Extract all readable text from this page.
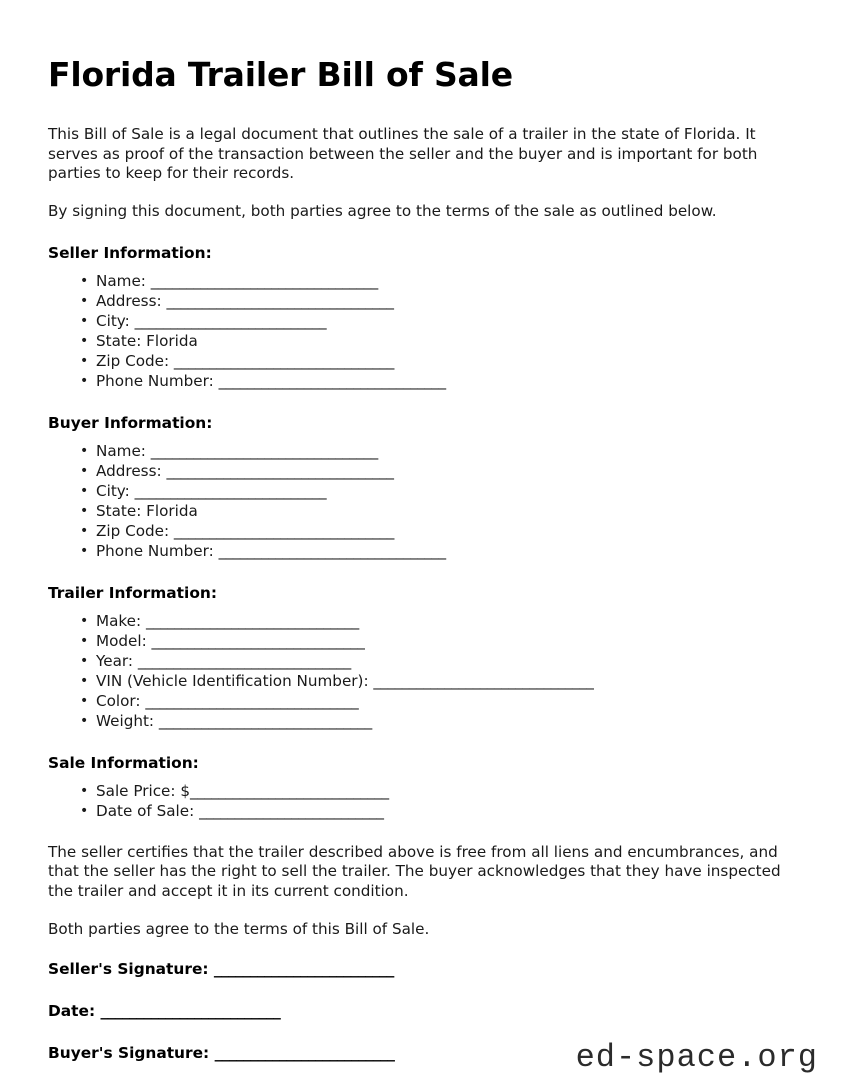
Florida Trailer Bill of Sale

This Bill of Sale is a legal document that outlines the sale of a trailer in the state of Florida. It serves as proof of the transaction between the seller and the buyer and is important for both parties to keep for their records.

By signing this document, both parties agree to the terms of the sale as outlined below.

Seller Information:
• Name: ________________________________
• Address: ________________________________
• City: ___________________________
• State: Florida
• Zip Code: _______________________________
• Phone Number: ________________________________
Buyer Information:
• Name: ________________________________
• Address: ________________________________
• City: ___________________________
• State: Florida
• Zip Code: _______________________________
• Phone Number: ________________________________
Trailer Information:
• Make: ______________________________
• Model: ______________________________
• Year: ______________________________
• VIN (Vehicle Identification Number): _______________________________
• Color: ______________________________
• Weight: ______________________________
Sale Information:
• Sale Price: $____________________________
• Date of Sale: __________________________

The seller certifies that the trailer described above is free from all liens and encumbrances, and that the seller has the right to sell the trailer. The buyer acknowledges that they have inspected the trailer and accept it in its current condition.

Both parties agree to the terms of this Bill of Sale.

Seller's Signature: _________________________
Date: _________________________
Buyer's Signature: _________________________	ed-space.org
